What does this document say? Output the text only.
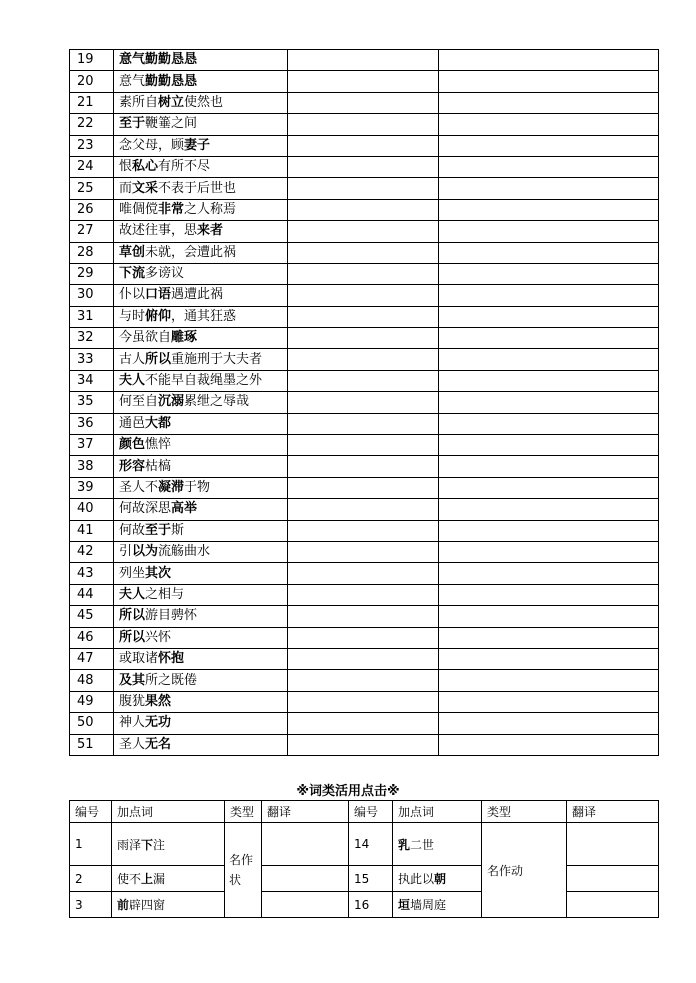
19	意气勤勤恳恳		
20	意气勤勤恳恳		
21	素所自树立使然也		
22	至于鞭箠之间		
23	念父母，顾妻子		
24	恨私心有所不尽		
25	而文采不表于后世也		
26	唯倜傥非常之人称焉		
27	故述往事，思来者		
28	草创未就，会遭此祸		
29	下流多谤议		
30	仆以口语遇遭此祸		
31	与时俯仰，通其狂惑		
32	今虽欲自雕琢		
33	古人所以重施刑于大夫者		
34	夫人不能早自裁绳墨之外		
35	何至自沉溺累绁之辱哉		
36	通邑大都		
37	颜色憔悴		
38	形容枯槁		
39	圣人不凝滞于物		
40	何故深思高举		
41	何故至于斯		
42	引以为流觞曲水		
43	列坐其次		
44	夫人之相与		
45	所以游目骋怀		
46	所以兴怀		
47	或取诸怀抱		
48	及其所之既倦		
49	腹犹果然		
50	神人无功		
51	圣人无名		
※词类活用点击※
编号	加点词	类型	翻译	编号	加点词	类型	翻译
1	雨泽下注	名作状		14	乳二世	名作动	
2	使不上漏			15	执此以朝		
3	前辟四窗			16	垣墙周庭		
